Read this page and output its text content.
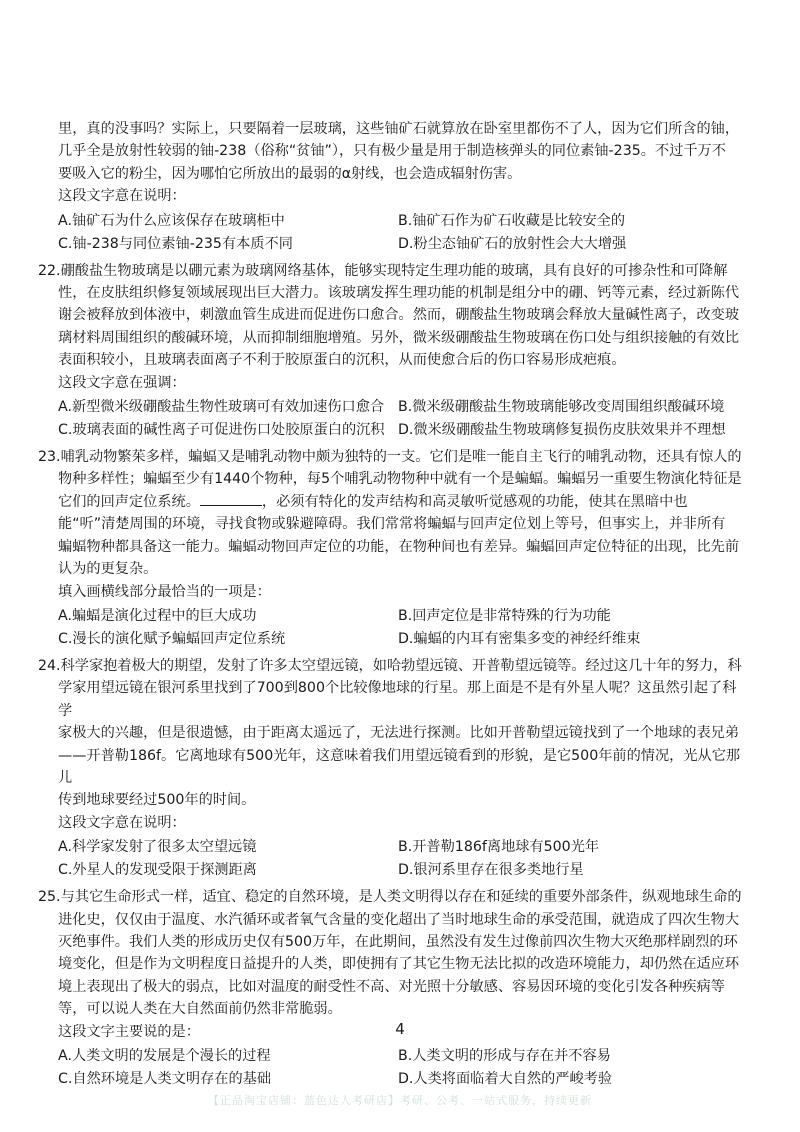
里，真的没事吗？实际上，只要隔着一层玻璃，这些铀矿石就算放在卧室里都伤不了人，因为它们所含的铀，

几乎全是放射性较弱的铀-238（俗称“贫铀”），只有极少量是用于制造核弹头的同位素铀-235。不过千万不

要吸入它的粉尘，因为哪怕它所放出的最弱的α射线，也会造成辐射伤害。

这段文字意在说明：

A.铀矿石为什么应该保存在玻璃柜中	B.铀矿石作为矿石收藏是比较安全的
C.铀-238与同位素铀-235有本质不同	D.粉尘态铀矿石的放射性会大大增强

22.硼酸盐生物玻璃是以硼元素为玻璃网络基体，能够实现特定生理功能的玻璃，具有良好的可掺杂性和可降解

性，在皮肤组织修复领域展现出巨大潜力。该玻璃发挥生理功能的机制是组分中的硼、钙等元素，经过新陈代

谢会被释放到体液中，刺激血管生成进而促进伤口愈合。然而，硼酸盐生物玻璃会释放大量碱性离子，改变玻

璃材料周围组织的酸碱环境，从而抑制细胞增殖。另外，微米级硼酸盐生物玻璃在伤口处与组织接触的有效比

表面积较小，且玻璃表面离子不利于胶原蛋白的沉积，从而使愈合后的伤口容易形成疤痕。

这段文字意在强调：

A.新型微米级硼酸盐生物性玻璃可有效加速伤口愈合 B.微米级硼酸盐生物玻璃能够改变周围组织酸碱环境
C.玻璃表面的碱性离子可促进伤口处胶原蛋白的沉积 D.微米级硼酸盐生物玻璃修复损伤皮肤效果并不理想

23.哺乳动物繁茱多样，蝙蝠又是哺乳动物中颇为独特的一支。它们是唯一能自主飞行的哺乳动物，还具有惊人的

物种多样性；蝙蝠至少有1440个物种，每5个哺乳动物物种中就有一个是蝙蝠。蝙蝠另一重要生物演化特征是

它们的回声定位系统。	，必须有特化的发声结构和高灵敏听觉感观的功能，使其在黑暗中也

能“听”清楚周围的环境，寻找食物或躲避障碍。我们常常将蝙蝠与回声定位划上等号，但事实上，并非所有

蝙蝠物种都具备这一能力。蝙蝠动物回声定位的功能，在物种间也有差异。蝙蝠回声定位特征的出现，比先前

认为的更复杂。

填入画横线部分最恰当的一项是：

A.蝙蝠是演化过程中的巨大成功	B.回声定位是非常特殊的行为功能
C.漫长的演化赋予蝙蝠回声定位系统	D.蝙蝠的内耳有密集多变的神经纤维束

24.科学家抱着极大的期望，发射了许多太空望远镜，如哈勃望远镜、开普勒望远镜等。经过这几十年的努力，科

学家用望远镜在银河系里找到了700到800个比较像地球的行星。那上面是不是有外星人呢？这虽然引起了科学

家极大的兴趣，但是很遗憾，由于距离太遥远了，无法进行探测。比如开普勒望远镜找到了一个地球的表兄弟

——开普勒186f。它离地球有500光年，这意味着我们用望远镜看到的形貌，是它500年前的情况，光从它那儿

传到地球要经过500年的时间。

这段文字意在说明：

A.科学家发射了很多太空望远镜	B.开普勒186f离地球有500光年
C.外星人的发现受限于探测距离	D.银河系里存在很多类地行星

25.与其它生命形式一样，适宜、稳定的自然环境，是人类文明得以存在和延续的重要外部条件，纵观地球生命的

进化史，仅仅由于温度、水汽循环或者氧气含量的变化超出了当时地球生命的承受范围，就造成了四次生物大

灭绝事件。我们人类的形成历史仅有500万年，在此期间，虽然没有发生过像前四次生物大灭绝那样剧烈的环

境变化，但是作为文明程度日益提升的人类，即使拥有了其它生物无法比拟的改造环境能力，却仍然在适应环

境上表现出了极大的弱点，比如对温度的耐受性不高、对光照十分敏感、容易因环境的变化引发各种疾病等

等，可以说人类在大自然面前仍然非常脆弱。

这段文字主要说的是：

A.人类文明的发展是个漫长的过程	B.人类文明的形成与存在并不容易
C.自然环境是人类文明存在的基础	D.人类将面临着大自然的严峻考验
4
【正品淘宝店铺：蓝色达人考研店】考研、公考、一站式服务，持续更新
